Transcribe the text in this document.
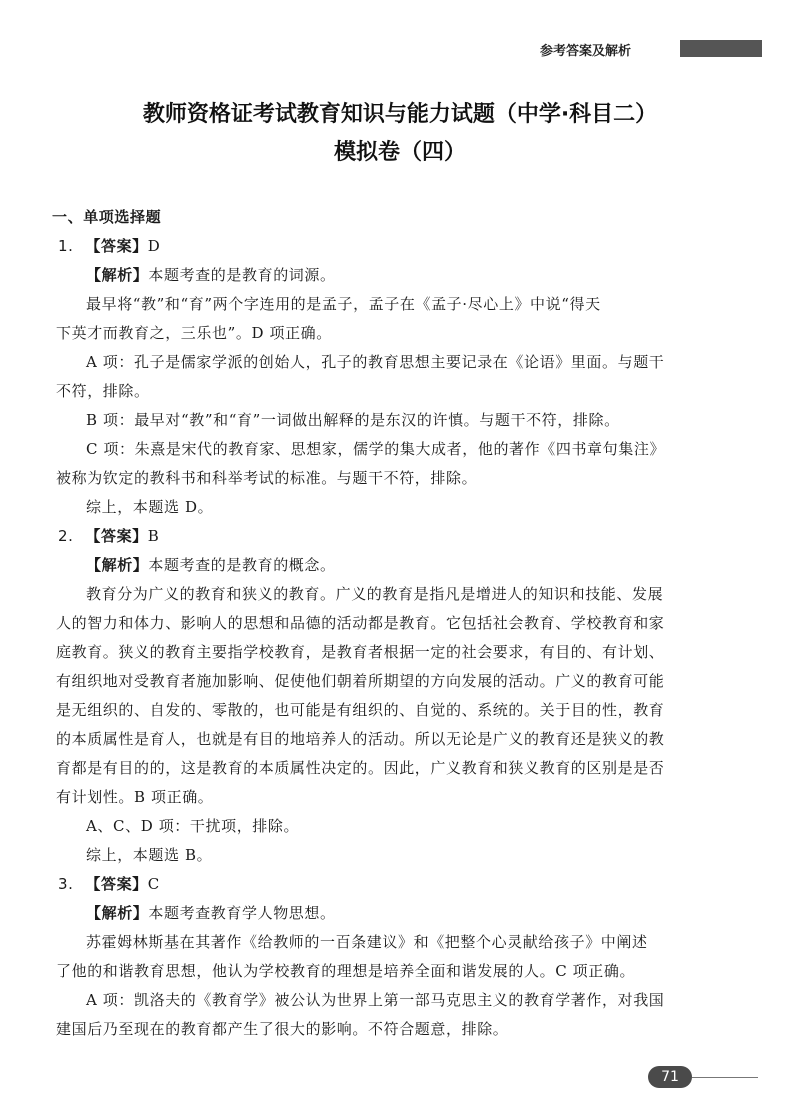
参考答案及解析
教师资格证考试教育知识与能力试题（中学·科目二）
模拟卷（四）
一、单项选择题
1. 【答案】D
【解析】本题考查的是教育的词源。
最早将“教”和“育”两个字连用的是孟子，孟子在《孟子·尽心上》中说“得天
下英才而教育之，三乐也”。D 项正确。
A 项：孔子是儒家学派的创始人，孔子的教育思想主要记录在《论语》里面。与题干
不符，排除。
B 项：最早对“教”和“育”一词做出解释的是东汉的许慎。与题干不符，排除。
C 项：朱熹是宋代的教育家、思想家，儒学的集大成者，他的著作《四书章句集注》
被称为钦定的教科书和科举考试的标准。与题干不符，排除。
综上，本题选 D。
2. 【答案】B
【解析】本题考查的是教育的概念。
教育分为广义的教育和狭义的教育。广义的教育是指凡是增进人的知识和技能、发展
人的智力和体力、影响人的思想和品德的活动都是教育。它包括社会教育、学校教育和家
庭教育。狭义的教育主要指学校教育，是教育者根据一定的社会要求，有目的、有计划、
有组织地对受教育者施加影响、促使他们朝着所期望的方向发展的活动。广义的教育可能
是无组织的、自发的、零散的，也可能是有组织的、自觉的、系统的。关于目的性，教育
的本质属性是育人，也就是有目的地培养人的活动。所以无论是广义的教育还是狭义的教
育都是有目的的，这是教育的本质属性决定的。因此，广义教育和狭义教育的区别是是否
有计划性。B 项正确。
A、C、D 项：干扰项，排除。
综上，本题选 B。
3. 【答案】C
【解析】本题考查教育学人物思想。
苏霍姆林斯基在其著作《给教师的一百条建议》和《把整个心灵献给孩子》中阐述
了他的和谐教育思想，他认为学校教育的理想是培养全面和谐发展的人。C 项正确。
A 项：凯洛夫的《教育学》被公认为世界上第一部马克思主义的教育学著作，对我国
建国后乃至现在的教育都产生了很大的影响。不符合题意，排除。
71
